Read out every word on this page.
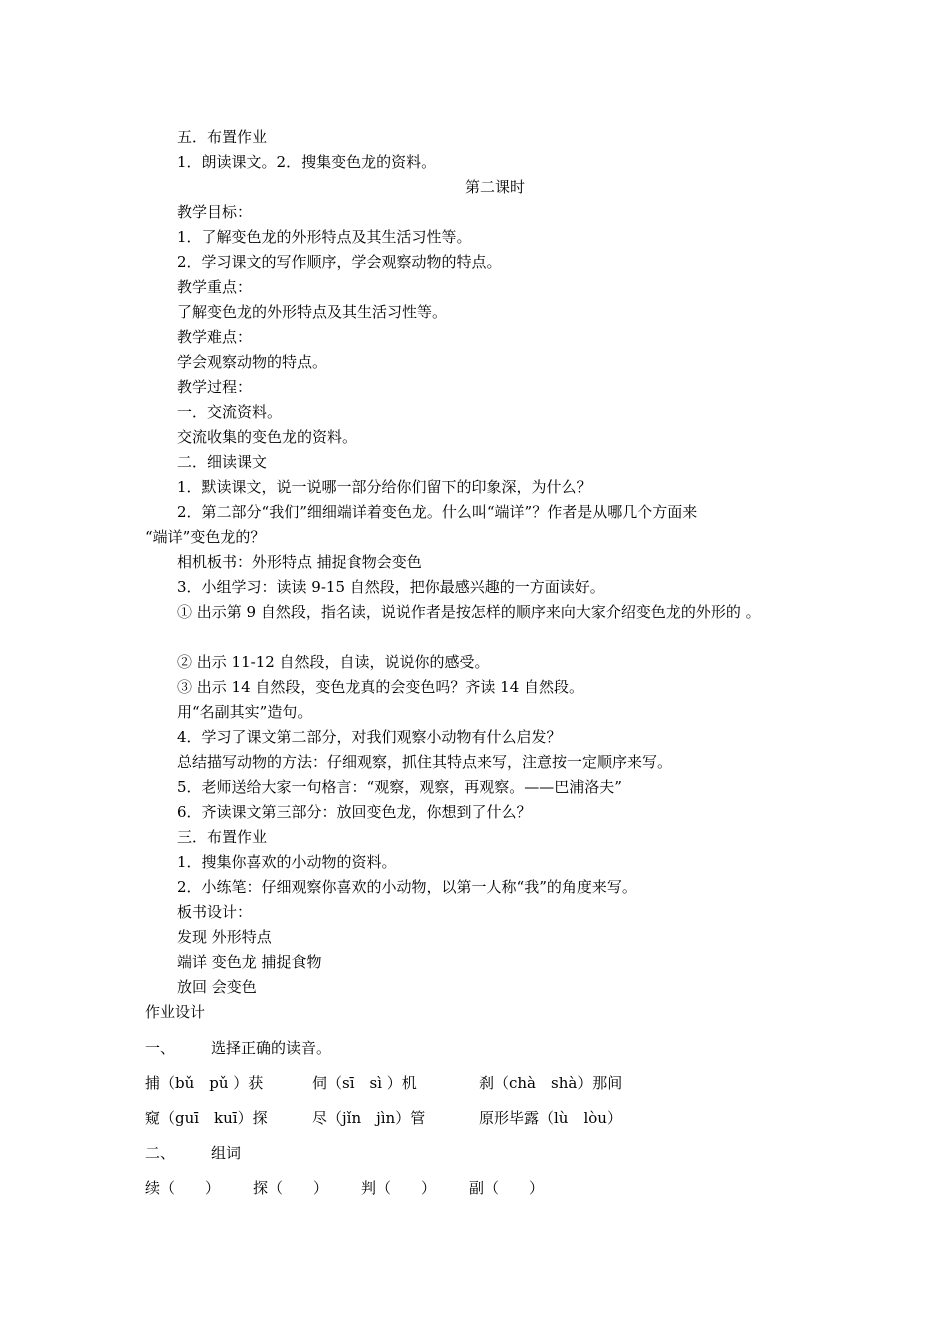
五．布置作业
1．朗读课文。2．搜集变色龙的资料。
第二课时
教学目标：
1．了解变色龙的外形特点及其生活习性等。
2．学习课文的写作顺序，学会观察动物的特点。
教学重点：
了解变色龙的外形特点及其生活习性等。
教学难点：
学会观察动物的特点。
教学过程：
一．交流资料。
交流收集的变色龙的资料。
二．细读课文
1．默读课文，说一说哪一部分给你们留下的印象深，为什么？
2．第二部分“我们”细细端详着变色龙。什么叫“端详”？作者是从哪几个方面来
“端详”变色龙的？
相机板书：外形特点 捕捉食物会变色
3．小组学习：读读 9-15 自然段，把你最感兴趣的一方面读好。
① 出示第 9 自然段，指名读，说说作者是按怎样的顺序来向大家介绍变色龙的外形的 。
② 出示 11-12 自然段，自读，说说你的感受。
③ 出示 14 自然段，变色龙真的会变色吗？齐读 14 自然段。
用“名副其实”造句。
4．学习了课文第二部分，对我们观察小动物有什么启发？
总结描写动物的方法：仔细观察，抓住其特点来写，注意按一定顺序来写。
5．老师送给大家一句格言：“观察，观察，再观察。——巴浦洛夫”
6．齐读课文第三部分：放回变色龙，你想到了什么？
三．布置作业
1．搜集你喜欢的小动物的资料。
2．小练笔：仔细观察你喜欢的小动物，以第一人称“我”的角度来写。
板书设计：
发现 外形特点
端详 变色龙 捕捉食物
放回 会变色
作业设计
一、 选择正确的读音。
捕（bǔ　pǔ ）获	伺（sī　sì ）机	刹（chà　shà）那间
窥（guī　kuī）探	尽（jǐn　jìn）管	原形毕露（lù　lòu）
二、 组词
续（　　） 探（　　） 判（　　） 副（　　）
